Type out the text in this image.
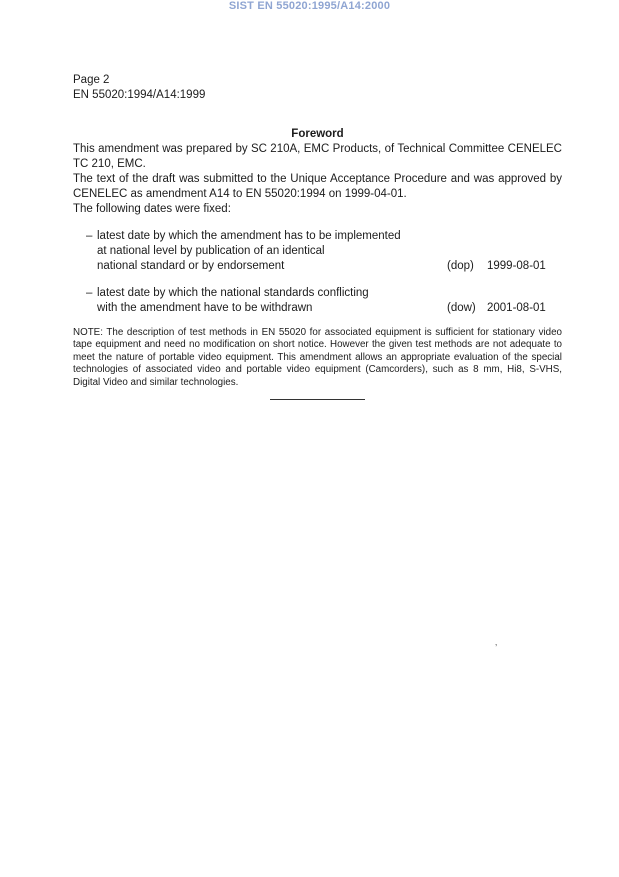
SIST EN 55020:1995/A14:2000
Page 2
EN 55020:1994/A14:1999
Foreword

This amendment was prepared by SC 210A, EMC Products, of Technical Committee CENELEC TC 210, EMC.

The text of the draft was submitted to the Unique Acceptance Procedure and was approved by CENELEC as amendment A14 to EN 55020:1994 on 1999-04-01.

The following dates were fixed:

– latest date by which the amendment has to be implemented
at national level by publication of an identical
national standard or by endorsement	(dop) 1999-08-01
– latest date by which the national standards conflicting
with the amendment have to be withdrawn	(dow) 2001-08-01

NOTE: The description of test methods in EN 55020 for associated equipment is sufficient for stationary video tape equipment and need no modification on short notice. However the given test methods are not adequate to meet the nature of portable video equipment. This amendment allows an appropriate evaluation of the special technologies of associated video and portable video equipment (Camcorders), such as 8 mm, Hi8, S-VHS, Digital Video and similar technologies.

’
